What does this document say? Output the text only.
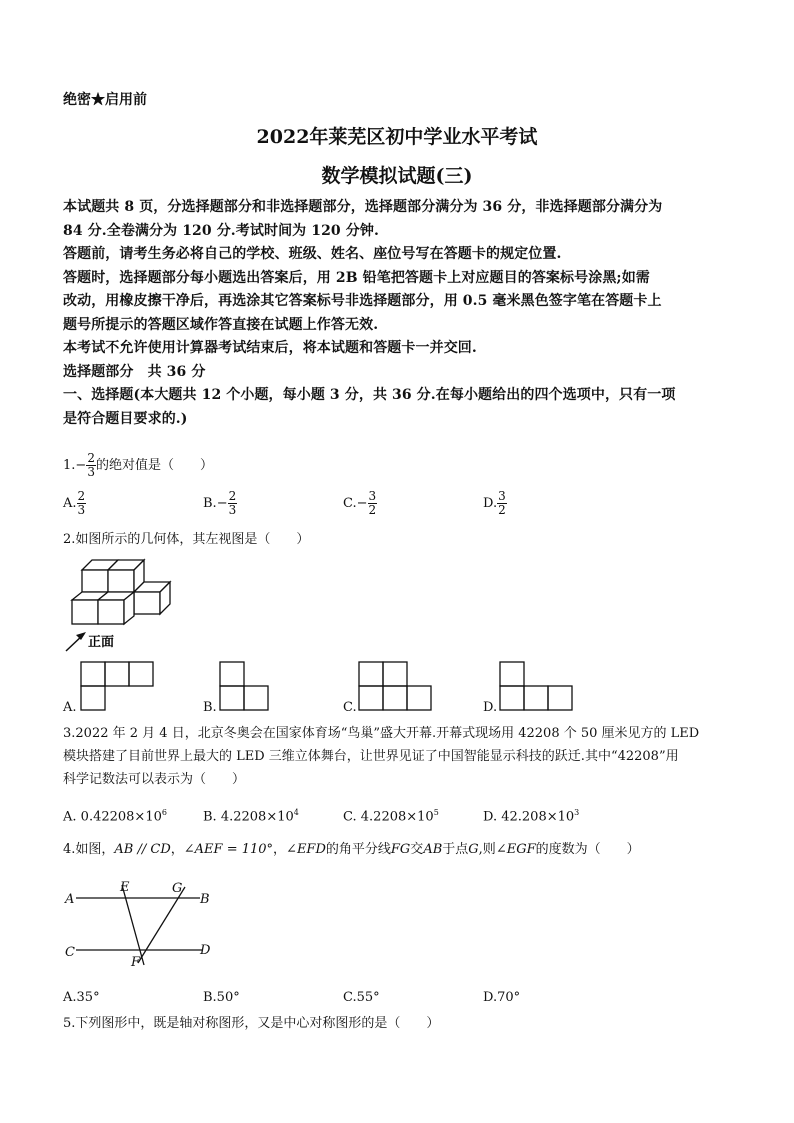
绝密★启用前
2022年莱芜区初中学业水平考试
数学模拟试题(三)
本试题共 8 页，分选择题部分和非选择题部分，选择题部分满分为 36 分，非选择题部分满分为
84 分.全卷满分为 120 分.考试时间为 120 分钟.
答题前，请考生务必将自己的学校、班级、姓名、座位号写在答题卡的规定位置.
答题时，选择题部分每小题选出答案后，用 2B 铅笔把答题卡上对应题目的答案标号涂黑;如需
改动，用橡皮擦干净后，再选涂其它答案标号非选择题部分，用 0.5 毫米黑色签字笔在答题卡上
题号所提示的答题区域作答直接在试题上作答无效.
本考试不允许使用计算器考试结束后，将本试题和答题卡一并交回.
选择题部分　共 36 分
一、选择题(本大题共 12 个小题，每小题 3 分，共 36 分.在每小题给出的四个选项中，只有一项
是符合题目要求的.)
$1.- \frac{2}{3}$ 的绝对值是（　　）
A. $\frac{2}{3}$	$B.- \frac{2}{3}$	$C.- \frac{3}{2}$	D. $\frac{3}{2}$
2.如图所示的几何体，其左视图是（　　）
正面
A.	B.	C.	D.
3.2022 年 2 月 4 日，北京冬奥会在国家体育场“鸟巢”盛大开幕.开幕式现场用 42208 个 50 厘米见方的 LED
模块搭建了目前世界上最大的 LED 三维立体舞台，让世界见证了中国智能显示科技的跃迁.其中“42208”用
科学记数法可以表示为（　　）
A. $0.42208\times 10^6$	B. $4.2208\times 10^4$	C. $4.2208\times 10^5$	D. $42.208\times 10^3$
4.如图，AB // CD，∠AEF = 110°，∠EFD的角平分线FG交AB于点G,则∠EGF的度数为（　　）
A	B
C	D
E	G
F
A.35°	B.50°	C.55°	D.70°
5.下列图形中，既是轴对称图形，又是中心对称图形的是（　　）
